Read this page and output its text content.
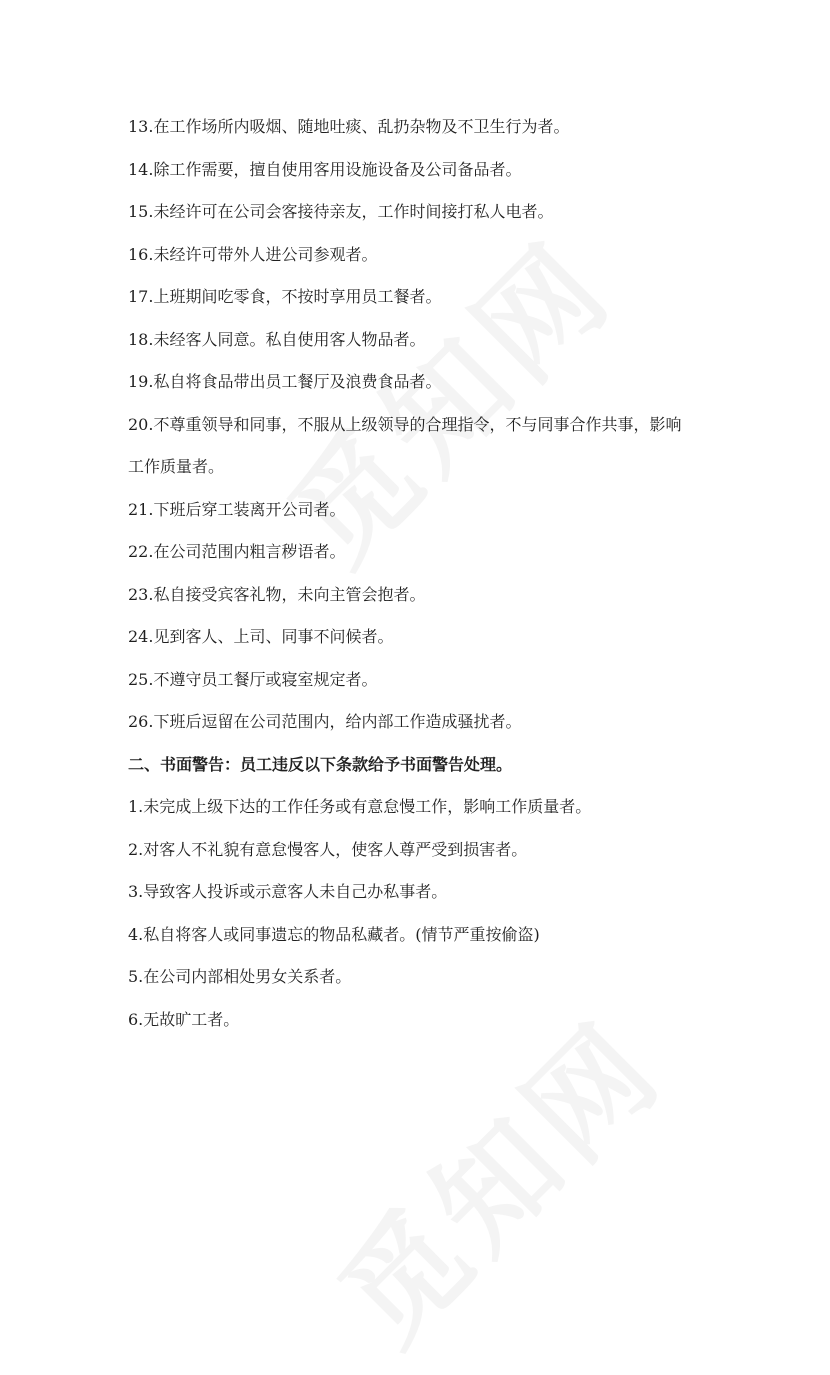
13.在工作场所内吸烟、随地吐痰、乱扔杂物及不卫生行为者。
14.除工作需要，擅自使用客用设施设备及公司备品者。
15.未经许可在公司会客接待亲友，工作时间接打私人电者。
16.未经许可带外人进公司参观者。
17.上班期间吃零食，不按时享用员工餐者。
18.未经客人同意。私自使用客人物品者。
19.私自将食品带出员工餐厅及浪费食品者。
20.不尊重领导和同事，不服从上级领导的合理指令，不与同事合作共事，影响
工作质量者。
21.下班后穿工装离开公司者。
22.在公司范围内粗言秽语者。
23.私自接受宾客礼物，未向主管会抱者。
24.见到客人、上司、同事不问候者。
25.不遵守员工餐厅或寝室规定者。
26.下班后逗留在公司范围内，给内部工作造成骚扰者。
二、书面警告：员工违反以下条款给予书面警告处理。
1.未完成上级下达的工作任务或有意怠慢工作，影响工作质量者。
2.对客人不礼貌有意怠慢客人，使客人尊严受到损害者。
3.导致客人投诉或示意客人未自己办私事者。
4.私自将客人或同事遗忘的物品私藏者。(情节严重按偷盗)
5.在公司内部相处男女关系者。
6.无故旷工者。
